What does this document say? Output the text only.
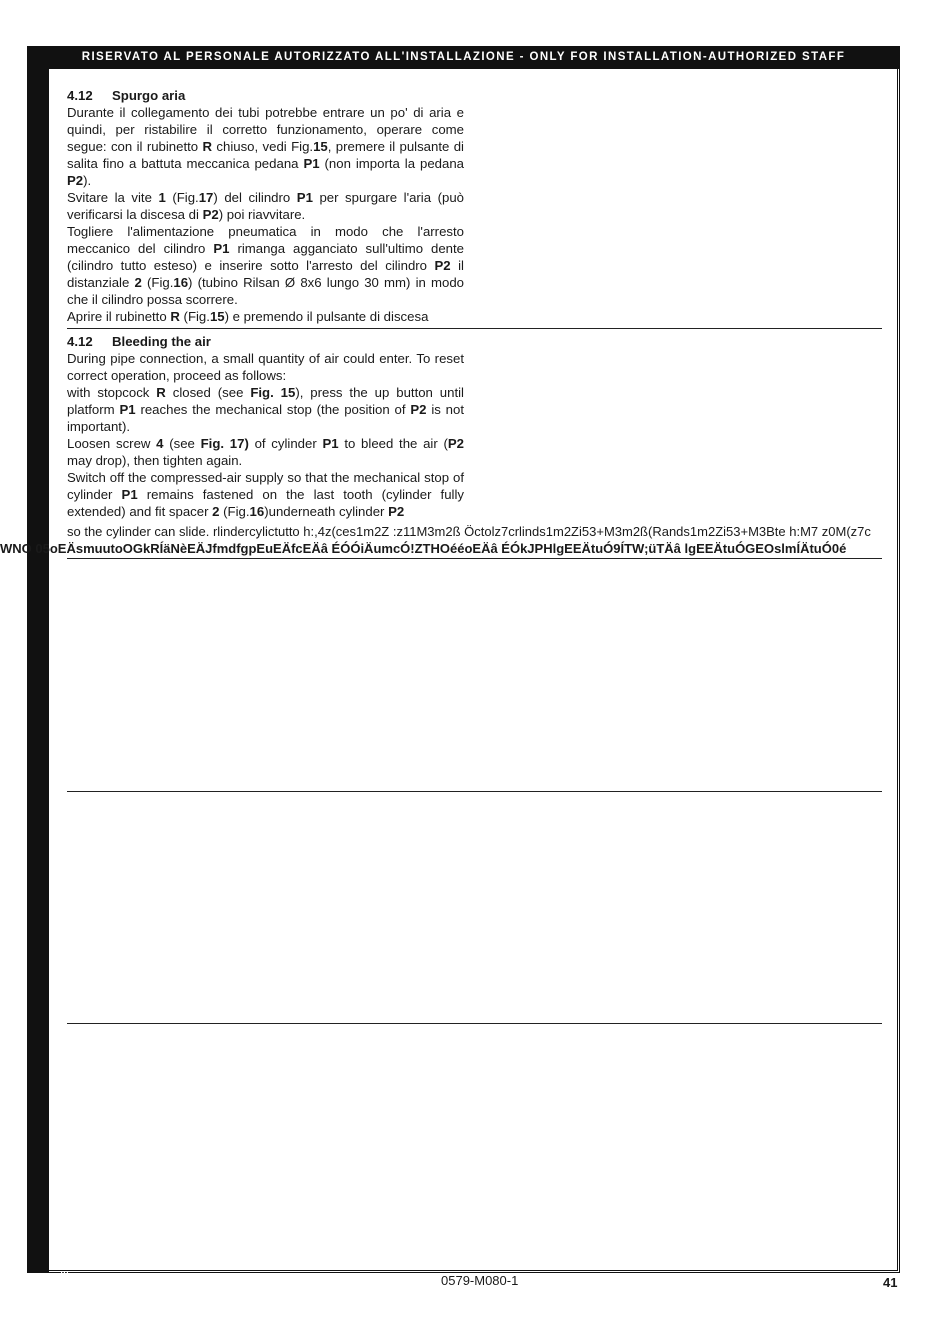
IST DEM ZUR INSTALLATION AUTORISIERTEN PERSONAL VORBEHALTEN - SEULEMENT POUR LE PERSONNEL AUTORISE A L'INSTALLATION - RESERVADO AL PERSONAL ENCARGADO DE LA INSTALACION
RISERVATO AL PERSONALE AUTORIZZATO ALL'INSTALLAZIONE - ONLY FOR INSTALLATION-AUTHORIZED STAFF

4.12 Spurgo aria

Durante il collegamento dei tubi potrebbe entrare un po' di aria e quindi, per ristabilire il corretto funzionamento, operare come segue: con il rubinetto R chiuso, vedi Fig.15, premere il pulsante di salita fino a battuta meccanica pedana P1 (non importa la pedana P2).

Svitare la vite 1 (Fig.17) del cilindro P1 per spurgare l'aria (può verificarsi la discesa di P2) poi riavvitare.

Togliere l'alimentazione pneumatica in modo che l'arresto meccanico del cilindro P1 rimanga agganciato sull'ultimo dente (cilindro tutto esteso) e inserire sotto l'arresto del cilindro P2 il distanziale 2 (Fig.16) (tubino Rilsan Ø 8x6 lungo 30 mm) in modo che il cilindro possa scorrere.

Aprire il rubinetto R (Fig.15) e premendo il pulsante di discesa

4.12 Bleeding the air

During pipe connection, a small quantity of air could enter. To reset correct operation, proceed as follows:

with stopcock R closed (see Fig. 15), press the up button until platform P1 reaches the mechanical stop (the position of P2 is not important).

Loosen screw 4 (see Fig. 17) of cylinder P1 to bleed the air (P2 may drop), then tighten again.

Switch off the compressed-air supply so that the mechanical stop of cylinder P1 remains fastened on the last tooth (cylinder fully extended) and fit spacer 2 (Fig.16)underneath cylinder P2

so the cylinder can slide. rlindercylictutto h:,4z(ces1m2Z :z11M3m2ß Öctolz7crlinds1m2Zi53+M3m2ß(Rands1m2Zi53+M3Bte h:M7 z0M(z7c
WNO 05oEÄsmuutoOGkRÍäNèEÄJfmdfgpEuEÄfcEÄâ ÉÓÓiÄumcÓ!ZTHOééoEÄâ ÉÓkJPHlgEEÄtuÓ9ÍTW;üTÄâ lgEEÄtuÓGEOslmÍÄtuÓ0é
0579-M080-1	41
